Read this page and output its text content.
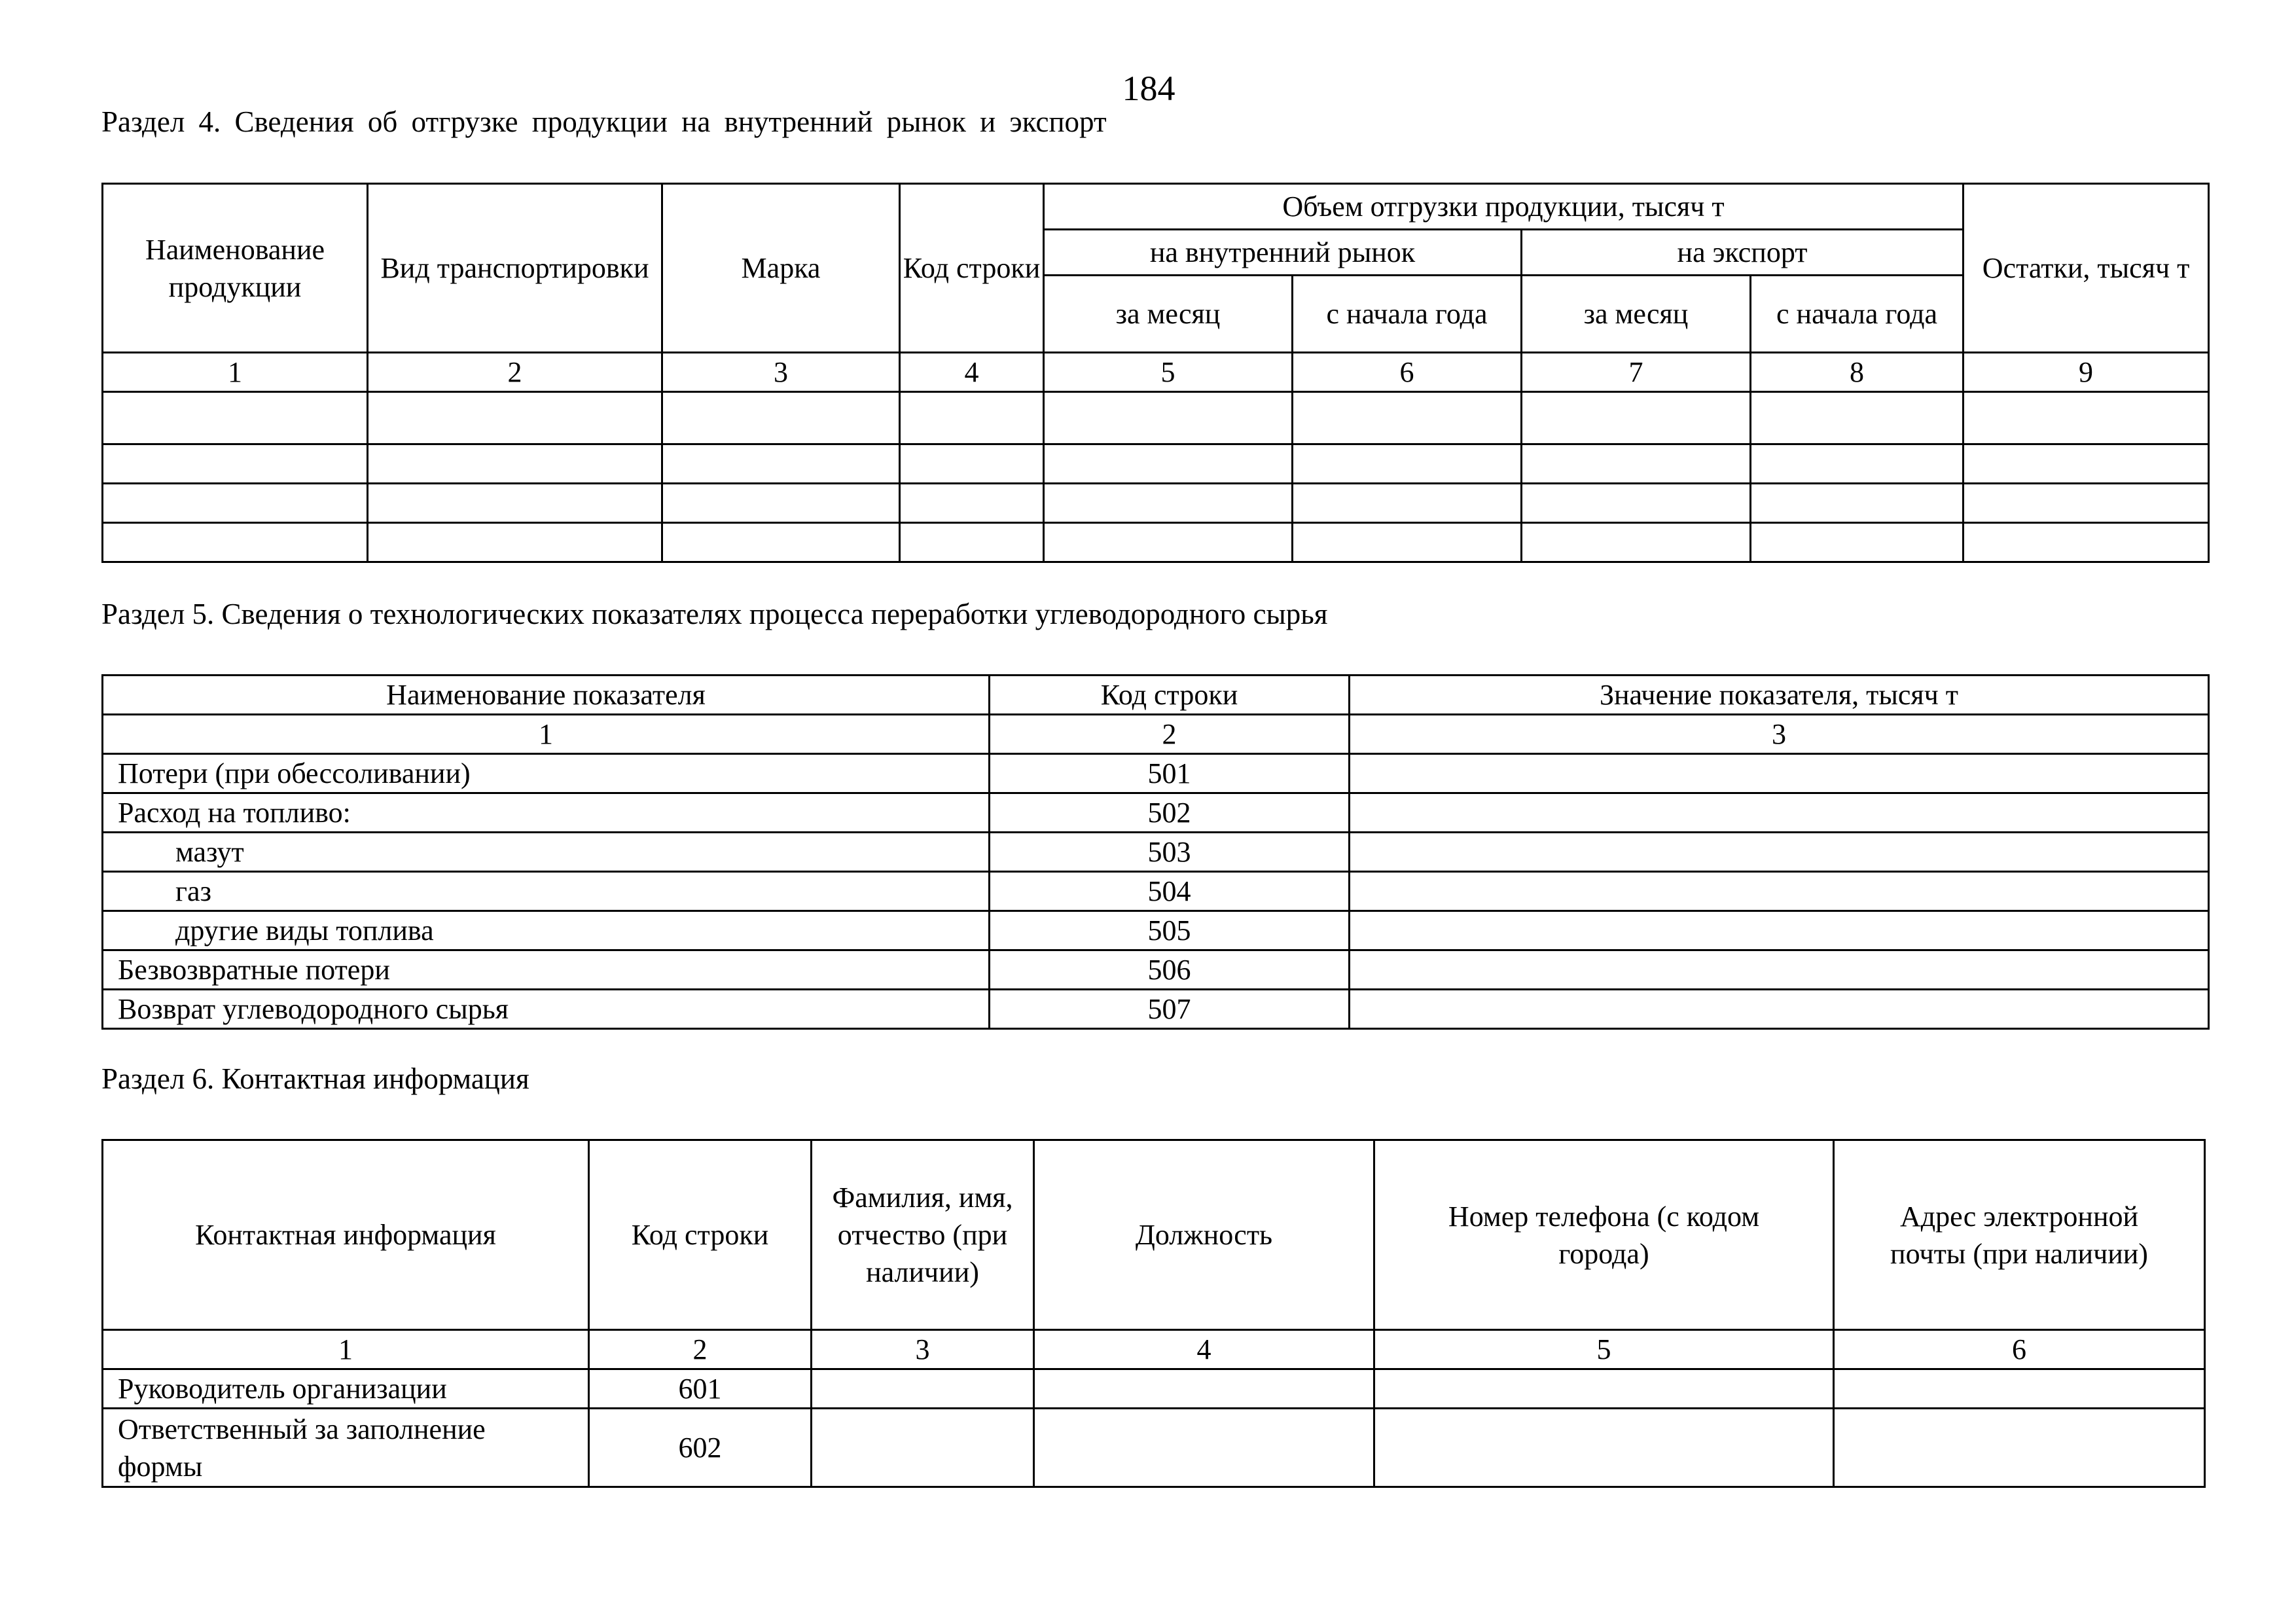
184
Раздел 4. Сведения об отгрузке продукции на внутренний рынок и экспорт
Наименование продукции	Вид транспортировки	Марка	Код строки	Объем отгрузки продукции, тысяч т				Остатки, тысяч т
				на внутренний рынок		на экспорт		
				за месяц	с начала года	за месяц	с начала года	
1	2	3	4	5	6	7	8	9

Раздел 5. Сведения о технологических показателях процесса переработки углеводородного сырья
Наименование показателя	Код строки	Значение показателя, тысяч т
1	2	3
Потери (при обессоливании)	501	
Расход на топливо:	502	
мазут	503	
газ	504	
другие виды топлива	505	
Безвозвратные потери	506	
Возврат углеводородного сырья	507	
Раздел 6. Контактная информация
Контактная информация	Код строки	Фамилия, имя, отчество (при наличии)	Должность	Номер телефона (с кодом города)	Адрес электронной почты (при наличии)
1	2	3	4	5	6
Руководитель организации	601				
Ответственный за заполнение формы	602				
